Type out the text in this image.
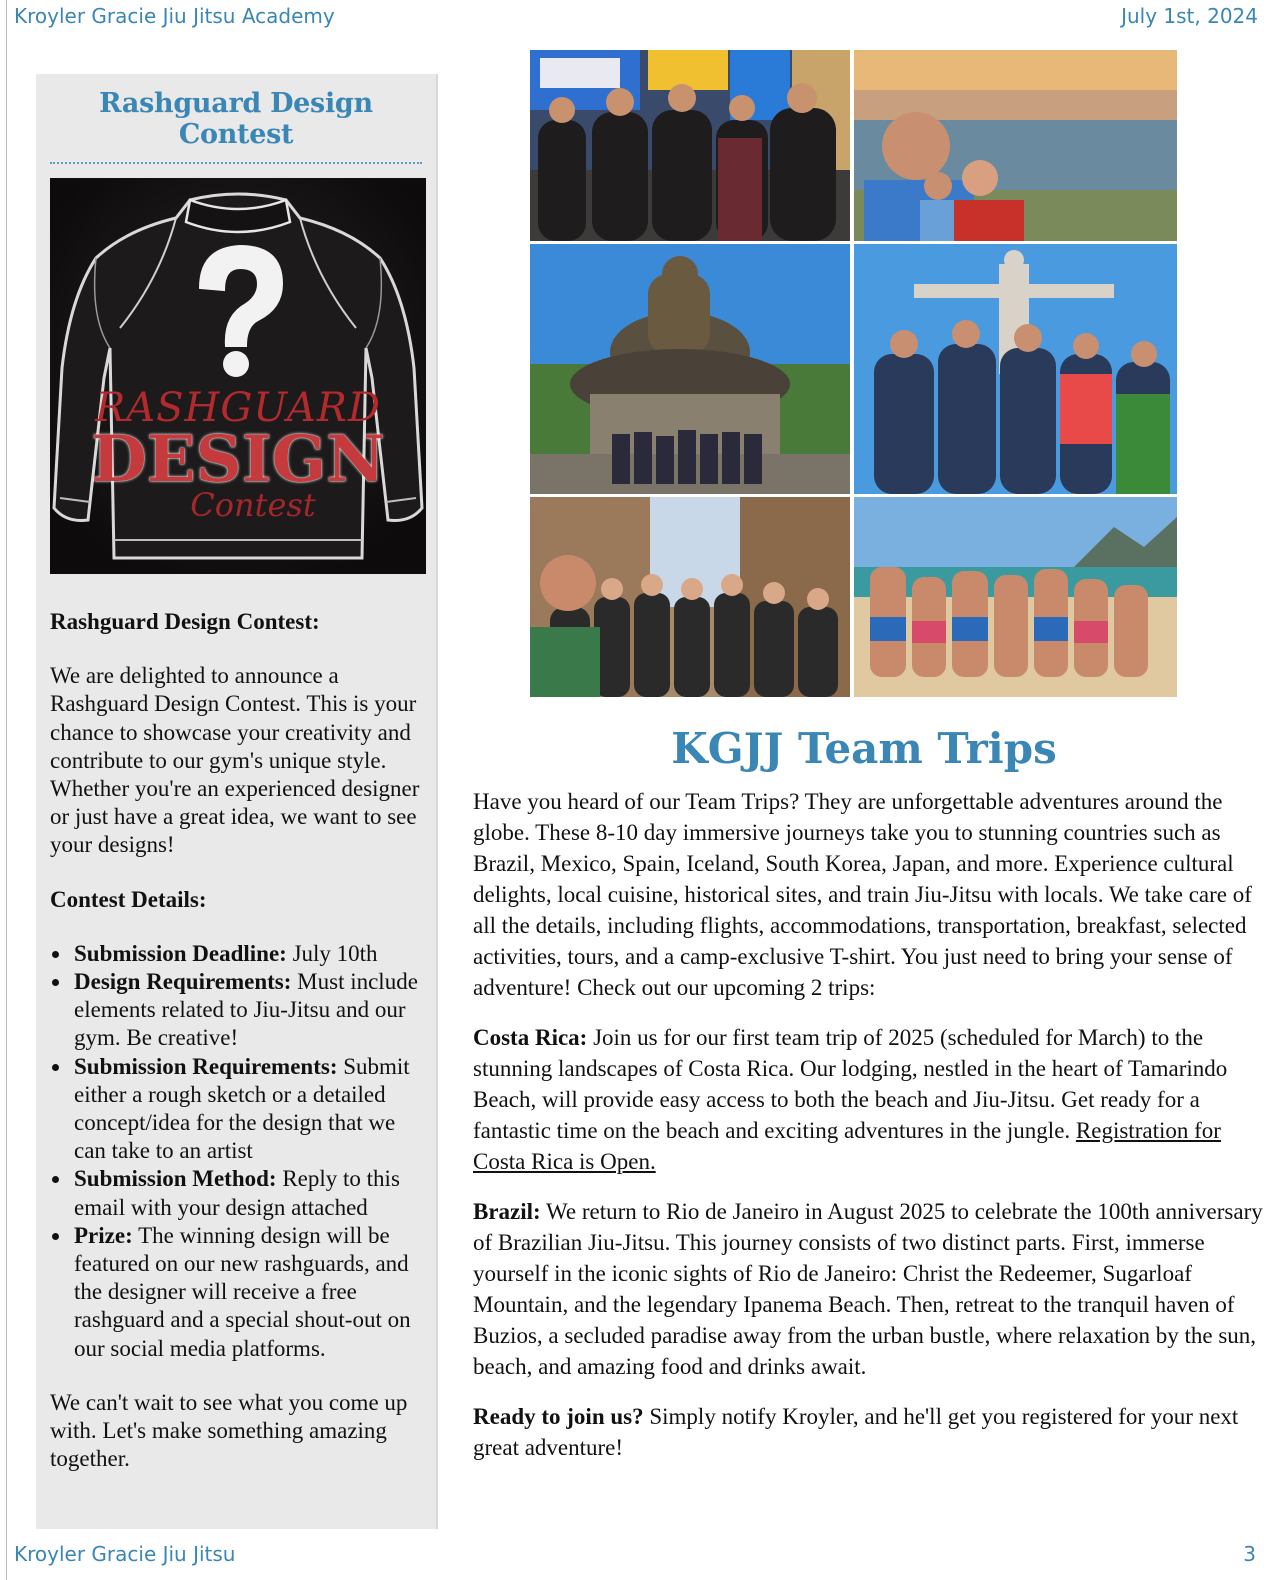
Kroyler Gracie Jiu Jitsu Academy	July 1st, 2024
Rashguard Design Contest
RASHGUARD
DESIGN
Contest

Rashguard Design Contest:

We are delighted to announce a Rashguard Design Contest. This is your chance to showcase your creativity and contribute to our gym's unique style. Whether you're an experienced designer or just have a great idea, we want to see your designs!

Contest Details:

• Submission Deadline: July 10th
• Design Requirements: Must include elements related to Jiu-Jitsu and our gym. Be creative!
• Submission Requirements: Submit either a rough sketch or a detailed concept/idea for the design that we can take to an artist
• Submission Method: Reply to this email with your design attached
• Prize: The winning design will be featured on our new rashguards, and the designer will receive a free rashguard and a special shout-out on our social media platforms.

We can't wait to see what you come up with. Let's make something amazing together.

KGJJ Team Trips

Have you heard of our Team Trips? They are unforgettable adventures around the globe. These 8-10 day immersive journeys take you to stunning countries such as Brazil, Mexico, Spain, Iceland, South Korea, Japan, and more. Experience cultural delights, local cuisine, historical sites, and train Jiu-Jitsu with locals. We take care of all the details, including flights, accommodations, transportation, breakfast, selected activities, tours, and a camp-exclusive T-shirt. You just need to bring your sense of adventure! Check out our upcoming 2 trips:

Costa Rica: Join us for our first team trip of 2025 (scheduled for March) to the stunning landscapes of Costa Rica. Our lodging, nestled in the heart of Tamarindo Beach, will provide easy access to both the beach and Jiu-Jitsu. Get ready for a fantastic time on the beach and exciting adventures in the jungle. Registration for Costa Rica is Open.

Brazil: We return to Rio de Janeiro in August 2025 to celebrate the 100th anniversary of Brazilian Jiu-Jitsu. This journey consists of two distinct parts. First, immerse yourself in the iconic sights of Rio de Janeiro: Christ the Redeemer, Sugarloaf Mountain, and the legendary Ipanema Beach. Then, retreat to the tranquil haven of Buzios, a secluded paradise away from the urban bustle, where relaxation by the sun, beach, and amazing food and drinks await.

Ready to join us? Simply notify Kroyler, and he'll get you registered for your next great adventure!

Kroyler Gracie Jiu Jitsu	3
